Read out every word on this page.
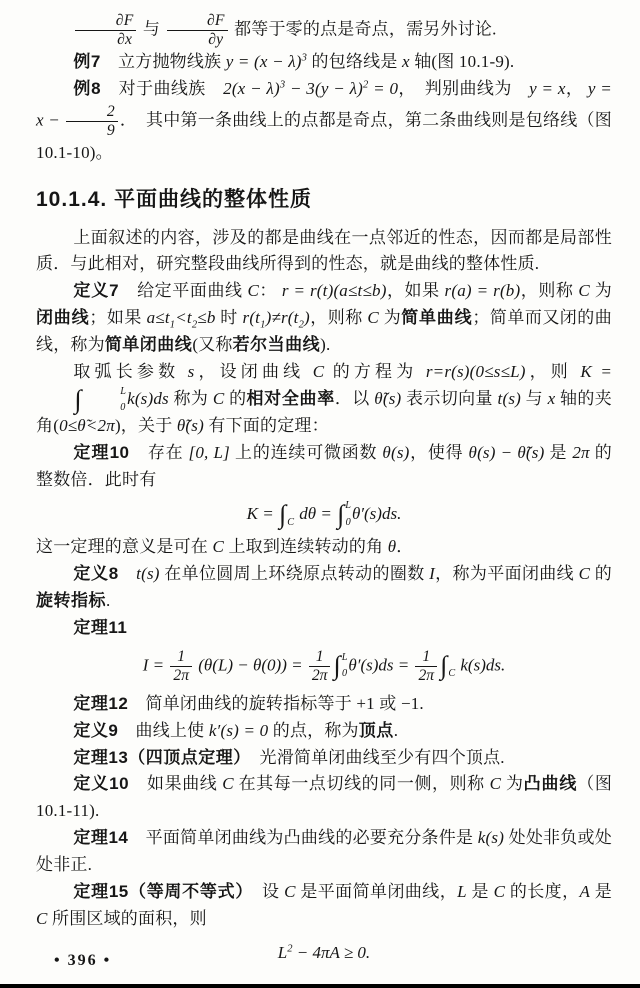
$\frac{\partial F}{\partial x}$ 与 $\frac{\partial F}{\partial y}$ 都等于零的点是奇点，需另外讨论.

例7　立方抛物线族 $y = (x - \lambda)^3$ 的包络线是 x 轴(图 10.1-9).

例8　对于曲线族　$2(x - \lambda)^3 - 3(y - \lambda)^2 = 0$，　判别曲线为　y = x， $y = x - \frac{2}{9}$ ．　其中第一条曲线上的点都是奇点，第二条曲线则是包络线（图 10.1-10)。

10.1.4. 平面曲线的整体性质

上面叙述的内容，涉及的都是曲线在一点邻近的性态，因而都是局部性质．与此相对，研究整段曲线所得到的性态，就是曲线的整体性质.

定义7　给定平面曲线 C： r = r(t)(a≤t≤b)，如果 r(a) = r(b)，则称 C 为闭曲线；如果 $a\le t_1<t_2\le b$ 时 $r(t_1)\ne r(t_2)$，则称 C 为简单曲线；简单而又闭的曲线，称为简单闭曲线(又称若尔当曲线).

取弧长参数 s，设闭曲线 C 的方程为 r=r(s)(0≤s≤L)，则 K =
∫	L
0 k(s)ds 称为 C 的相对全曲率．以 θ̃(s) 表示切向量 t(s) 与 x 轴的夹角(0≤θ̃<2π)，关于 θ̃(s) 有下面的定理：

定理10　存在 [0, L] 上的连续可微函数 θ(s)，使得 θ(s) − θ̃(s) 是 2π 的整数倍．此时有

K = ∫ C dθ = ∫ L
0 θ′(s)ds.

这一定理的意义是可在 C 上取到连续转动的角 θ．

定义8　 t(s) 在单位圆周上环绕原点转动的圈数 I，称为平面闭曲线 C 的旋转指标.

定理11

$I = \frac{1}{2\pi} (\theta(L) - \theta(0)) = \frac{1}{2\pi}$ ∫ L
0 $\theta'(s)ds = \frac{1}{2\pi}$ ∫ C k(s)ds.

定理12　简单闭曲线的旋转指标等于 +1 或 −1.

定义9　曲线上使 k′(s) = 0 的点，称为顶点.

定理13（四顶点定理）　光滑简单闭曲线至少有四个顶点.

定义10　如果曲线 C 在其每一点切线的同一侧，则称 C 为凸曲线（图 10.1-11).

定理14　平面简单闭曲线为凸曲线的必要充分条件是 k(s) 处处非负或处处非正.

定理15（等周不等式）　设 C 是平面简单闭曲线，L 是 C 的长度，A 是 C 所围区域的面积，则

$L^2 - 4\pi A \ge 0$.

• 396 •
